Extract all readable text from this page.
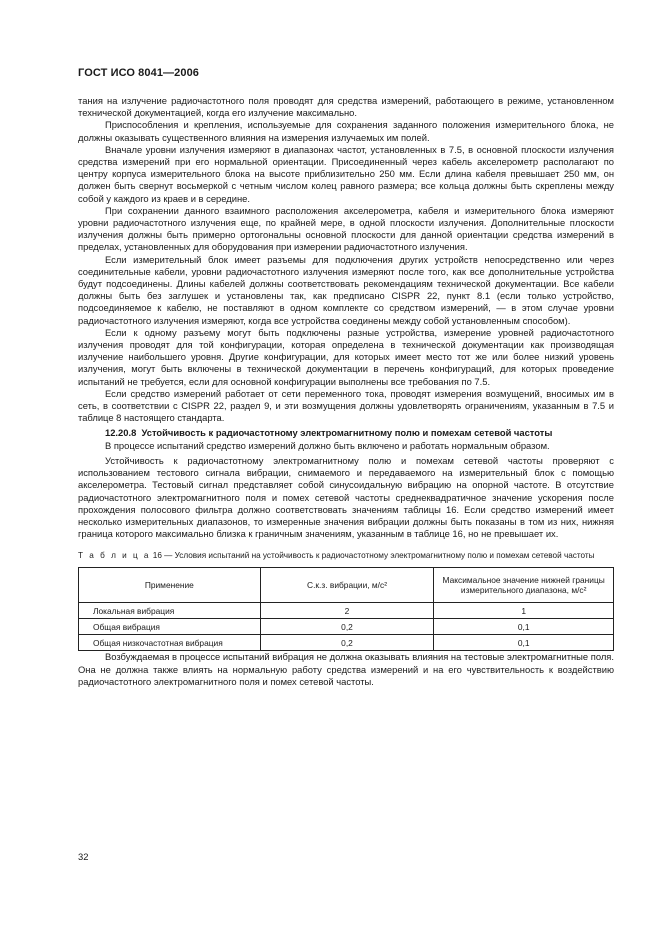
ГОСТ ИСО 8041—2006

тания на излучение радиочастотного поля проводят для средства измерений, работающего в режиме, установленном технической документацией, когда его излучение максимально.

Приспособления и крепления, используемые для сохранения заданного положения измерительного блока, не должны оказывать существенного влияния на измерения излучаемых им полей.

Вначале уровни излучения измеряют в диапазонах частот, установленных в 7.5, в основной плоскости излучения средства измерений при его нормальной ориентации. Присоединенный через кабель акселерометр располагают по центру корпуса измерительного блока на высоте приблизительно 250 мм. Если длина кабеля превышает 250 мм, он должен быть свернут восьмеркой с четным числом колец равного размера; все кольца должны быть скреплены между собой у каждого из краев и в середине.

При сохранении данного взаимного расположения акселерометра, кабеля и измерительного блока измеряют уровни радиочастотного излучения еще, по крайней мере, в одной плоскости излучения. Дополнительные плоскости излучения должны быть примерно ортогональны основной плоскости для данной ориентации средства измерений в пределах, установленных для оборудования при измерении радиочастотного излучения.

Если измерительный блок имеет разъемы для подключения других устройств непосредственно или через соединительные кабели, уровни радиочастотного излучения измеряют после того, как все дополнительные устройства будут подсоединены. Длины кабелей должны соответствовать рекомендациям технической документации. Все кабели должны быть без заглушек и установлены так, как предписано CISPR 22, пункт 8.1 (если только устройство, подсоединяемое к кабелю, не поставляют в одном комплекте со средством измерений, — в этом случае уровни радиочастотного излучения измеряют, когда все устройства соединены между собой установленным способом).

Если к одному разъему могут быть подключены разные устройства, измерение уровней радиочастотного излучения проводят для той конфигурации, которая определена в технической документации как производящая излучение наибольшего уровня. Другие конфигурации, для которых имеет место тот же или более низкий уровень излучения, могут быть включены в технической документации в перечень конфигураций, для которых проведение испытаний не требуется, если для основной конфигурации выполнены все требования по 7.5.

Если средство измерений работает от сети переменного тока, проводят измерения возмущений, вносимых им в сеть, в соответствии с CISPR 22, раздел 9, и эти возмущения должны удовлетворять ограничениям, указанным в 7.5 и таблице 8 настоящего стандарта.

12.20.8 Устойчивость к радиочастотному электромагнитному полю и помехам сетевой частоты

В процессе испытаний средство измерений должно быть включено и работать нормальным образом.

Устойчивость к радиочастотному электромагнитному полю и помехам сетевой частоты проверяют с использованием тестового сигнала вибрации, снимаемого и передаваемого на измерительный блок с помощью акселерометра. Тестовый сигнал представляет собой синусоидальную вибрацию на опорной частоте. В отсутствие радиочастотного электромагнитного поля и помех сетевой частоты среднеквадратичное значение ускорения после прохождения полосового фильтра должно соответствовать значениям таблицы 16. Если средство измерений имеет несколько измерительных диапазонов, то измеренные значения вибрации должны быть показаны в том из них, нижняя граница которого максимально близка к граничным значениям, указанным в таблице 16, но не превышает их.

Т а б л и ц а 16 — Условия испытаний на устойчивость к радиочастотному электромагнитному полю и помехам сетевой частоты
Применение	С.к.з. вибрации, м/с²	Максимальное значение нижней границы измерительного диапазона, м/с²
Локальная вибрация	2	1
Общая вибрация	0,2	0,1
Общая низкочастотная вибрация	0,2	0,1

Возбуждаемая в процессе испытаний вибрация не должна оказывать влияния на тестовые электромагнитные поля. Она не должна также влиять на нормальную работу средства измерений и на его чувствительность к воздействию радиочастотного электромагнитного поля и помех сетевой частоты.

32
